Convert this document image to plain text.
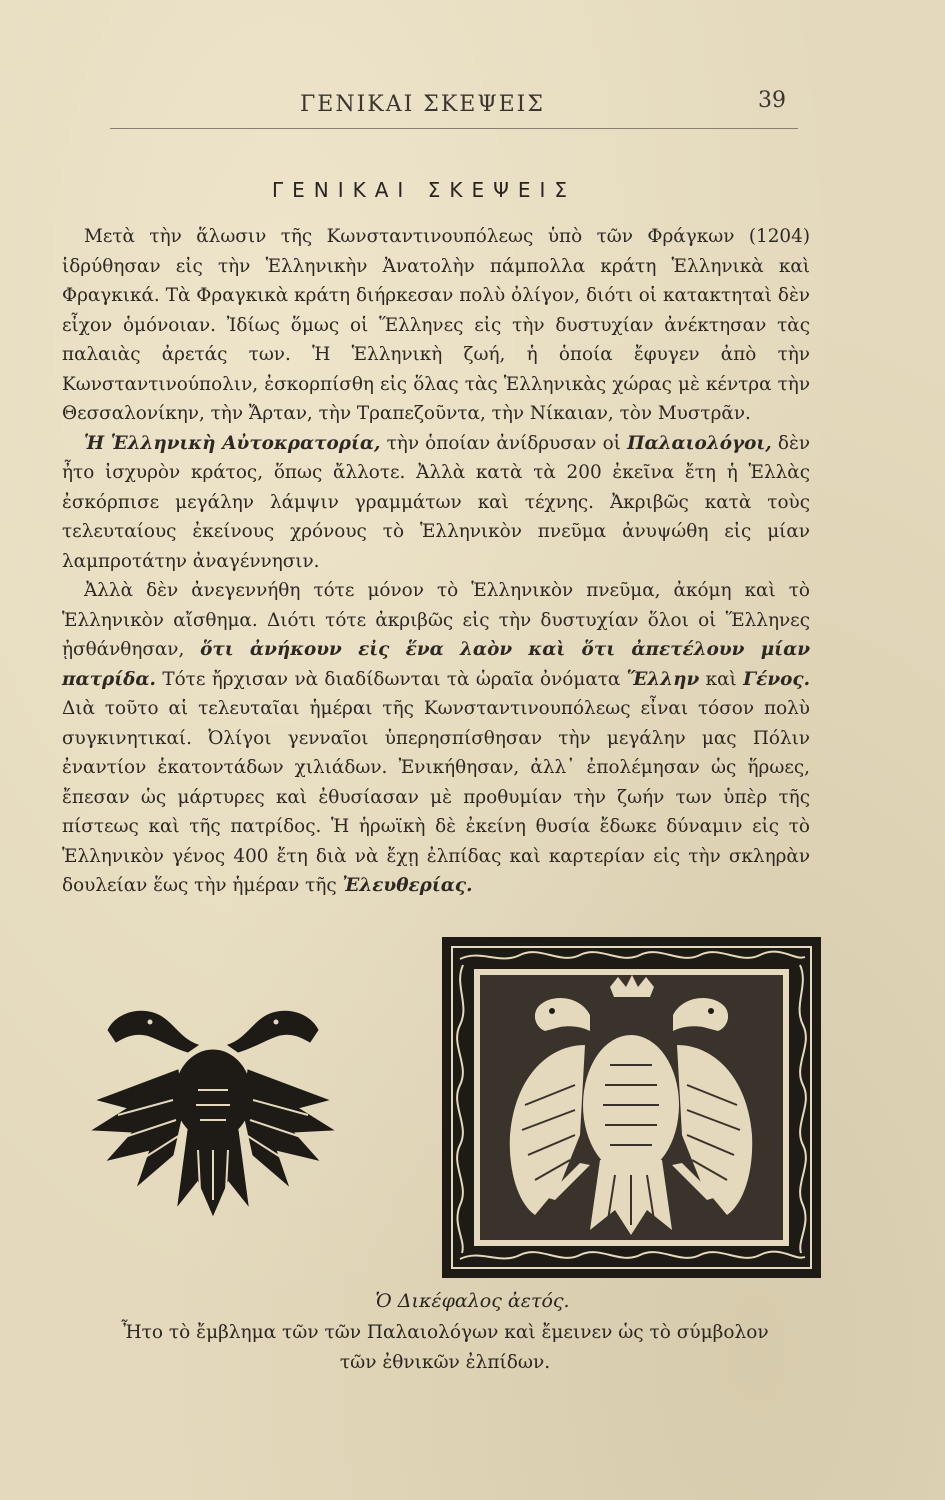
ΓΕΝΙΚΑΙ ΣΚΕΨΕΙΣ	39
ΓΕΝΙΚΑΙ ΣΚΕΨΕΙΣ

Μετὰ τὴν ἅλωσιν τῆς Κωνσταντινουπόλεως ὑπὸ τῶν Φράγκων (1204) ἱδρύθησαν εἰς τὴν Ἑλληνικὴν Ἀνατολὴν πάμπολλα κράτη Ἑλληνικὰ καὶ Φραγκικά. Τὰ Φραγκικὰ κράτη διήρκεσαν πολὺ ὀλίγον, διότι οἱ κατακτηταὶ δὲν εἶχον ὁμόνοιαν. Ἰδίως ὅμως οἱ Ἕλληνες εἰς τὴν δυστυχίαν ἀνέκτησαν τὰς παλαιὰς ἀρετάς των. Ἡ Ἑλληνικὴ ζωή, ἡ ὁποία ἔφυγεν ἀπὸ τὴν Κωνσταντινούπολιν, ἐσκορπίσθη εἰς ὅλας τὰς Ἑλληνικὰς χώρας μὲ κέντρα τὴν Θεσσαλονίκην, τὴν Ἄρταν, τὴν Τραπεζοῦντα, τὴν Νίκαιαν, τὸν Μυστρᾶν.

Ἡ Ἑλληνικὴ Αὐτοκρατορία, τὴν ὁποίαν ἀνίδρυσαν οἱ Παλαιολόγοι, δὲν ἦτο ἰσχυρὸν κράτος, ὅπως ἄλλοτε. Ἀλλὰ κατὰ τὰ 200 ἐκεῖνα ἔτη ἡ Ἑλλὰς ἐσκόρπισε μεγάλην λάμψιν γραμμάτων καὶ τέχνης. Ἀκριβῶς κατὰ τοὺς τελευταίους ἐκείνους χρόνους τὸ Ἑλληνικὸν πνεῦμα ἀνυψώθη εἰς μίαν λαμπροτάτην ἀναγέννησιν.

Ἀλλὰ δὲν ἀνεγεννήθη τότε μόνον τὸ Ἑλληνικὸν πνεῦμα, ἀκόμη καὶ τὸ Ἑλληνικὸν αἴσθημα. Διότι τότε ἀκριβῶς εἰς τὴν δυστυχίαν ὅλοι οἱ Ἕλληνες ᾐσθάνθησαν, ὅτι ἀνήκουν εἰς ἕνα λαὸν καὶ ὅτι ἀπετέλουν μίαν πατρίδα. Τότε ἤρχισαν νὰ διαδίδωνται τὰ ὡραῖα ὀνόματα Ἕλλην καὶ Γένος. Διὰ τοῦτο αἱ τελευταῖαι ἡμέραι τῆς Κωνσταντινουπόλεως εἶναι τόσον πολὺ συγκινητικαί. Ὀλίγοι γενναῖοι ὑπερησπίσθησαν τὴν μεγάλην μας Πόλιν ἐναντίον ἑκατοντάδων χιλιάδων. Ἐνικήθησαν, ἀλλ᾽ ἐπολέμησαν ὡς ἥρωες, ἔπεσαν ὡς μάρτυρες καὶ ἐθυσίασαν μὲ προθυμίαν τὴν ζωήν των ὑπὲρ τῆς πίστεως καὶ τῆς πατρίδος. Ἡ ἡρωϊκὴ δὲ ἐκείνη θυσία ἔδωκε δύναμιν εἰς τὸ Ἑλληνικὸν γένος 400 ἔτη διὰ νὰ ἔχῃ ἐλπίδας καὶ καρτερίαν εἰς τὴν σκληρὰν δουλείαν ἕως τὴν ἡμέραν τῆς Ἐλευθερίας.

Ὁ Δικέφαλος ἀετός.
Ἦτο τὸ ἔμβλημα τῶν τῶν Παλαιολόγων καὶ ἔμεινεν ὡς τὸ σύμβολον τῶν ἐθνικῶν ἐλπίδων.
